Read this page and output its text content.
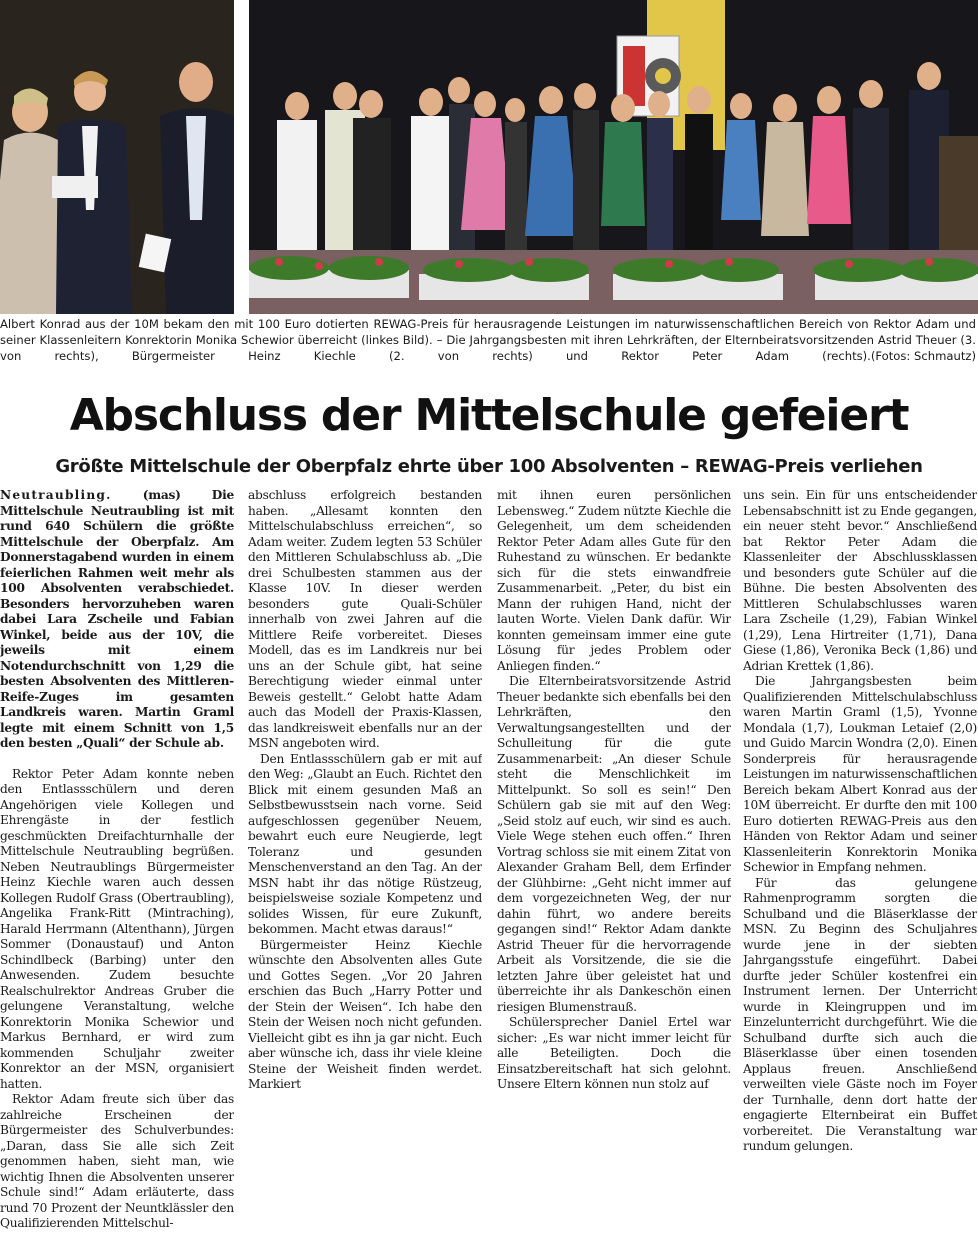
Albert Konrad aus der 10M bekam den mit 100 Euro dotierten REWAG-Preis für herausragende Leistungen im naturwissenschaftlichen Bereich von Rektor Adam und seiner Klassenleitern Konrektorin Monika Schewior überreicht (linkes Bild). – Die Jahrgangsbesten mit ihren Lehrkräften, der Elternbeiratsvorsitzenden Astrid Theuer (3. von rechts), Bürgermeister Heinz Kiechle (2. von rechts) und Rektor Peter Adam (rechts). (Fotos: Schmautz)
Abschluss der Mittelschule gefeiert
Größte Mittelschule der Oberpfalz ehrte über 100 Absolventen – REWAG-Preis verliehen

Neutraubling.	(mas) Die Mittelschule Neutraubling ist mit rund 640 Schülern die größte Mittelschule der Oberpfalz. Am Donnerstagabend wurden in einem feierlichen Rahmen weit mehr als 100 Absolventen verabschiedet. Besonders hervorzuheben waren dabei Lara Zscheile und Fabian Winkel, beide aus der 10V, die jeweils mit einem Notendurchschnitt von 1,29 die besten Absolventen des Mittleren-Reife-Zuges im gesamten Landkreis waren. Martin Graml legte mit einem Schnitt von 1,5 den besten „Quali“ der Schule ab.

Rektor Peter Adam konnte neben den Entlassschülern und deren Angehörigen viele Kollegen und Ehrengäste in der festlich geschmückten Dreifachturnhalle der Mittelschule Neutraubling begrüßen. Neben Neutraublings Bürgermeister Heinz Kiechle waren auch dessen Kollegen Rudolf Grass (Obertraubling), Angelika Frank-Ritt (Mintraching), Harald Herrmann (Altenthann), Jürgen Sommer (Donaustauf) und Anton Schindlbeck (Barbing) unter den Anwesenden. Zudem besuchte Realschulrektor Andreas Gruber die gelungene Veranstaltung, welche Konrektorin Monika Schewior und Markus Bernhard, er wird zum kommenden Schuljahr zweiter Konrektor an der MSN, organisiert hatten.

Rektor Adam freute sich über das zahlreiche Erscheinen der Bürgermeister des Schulverbundes: „Daran, dass Sie alle sich Zeit genommen haben, sieht man, wie wichtig Ihnen die Absolventen unserer Schule sind!“ Adam erläuterte, dass rund 70 Prozent der Neuntklässler den Qualifizierenden Mittelschul-

abschluss erfolgreich bestanden haben. „Allesamt konnten den Mittelschulabschluss erreichen“, so Adam weiter. Zudem legten 53 Schüler den Mittleren Schulabschluss ab. „Die drei Schulbesten stammen aus der Klasse 10V. In dieser werden besonders gute Quali-Schüler innerhalb von zwei Jahren auf die Mittlere Reife vorbereitet. Dieses Modell, das es im Landkreis nur bei uns an der Schule gibt, hat seine Berechtigung wieder einmal unter Beweis gestellt.“ Gelobt hatte Adam auch das Modell der Praxis-Klassen, das landkreisweit ebenfalls nur an der MSN angeboten wird.

Den Entlassschülern gab er mit auf den Weg: „Glaubt an Euch. Richtet den Blick mit einem gesunden Maß an Selbstbewusstsein nach vorne. Seid aufgeschlossen gegenüber Neuem, bewahrt euch eure Neugierde, legt Toleranz und gesunden Menschenverstand an den Tag. An der MSN habt ihr das nötige Rüstzeug, beispielsweise soziale Kompetenz und solides Wissen, für eure Zukunft, bekommen. Macht etwas daraus!“

Bürgermeister Heinz Kiechle wünschte den Absolventen alles Gute und Gottes Segen. „Vor 20 Jahren erschien das Buch „Harry Potter und der Stein der Weisen“. Ich habe den Stein der Weisen noch nicht gefunden. Vielleicht gibt es ihn ja gar nicht. Euch aber wünsche ich, dass ihr viele kleine Steine der Weisheit finden werdet. Markiert

mit ihnen euren persönlichen Lebensweg.“ Zudem nützte Kiechle die Gelegenheit, um dem scheidenden Rektor Peter Adam alles Gute für den Ruhestand zu wünschen. Er bedankte sich für die stets einwandfreie Zusammenarbeit. „Peter, du bist ein Mann der ruhigen Hand, nicht der lauten Worte. Vielen Dank dafür. Wir konnten gemeinsam immer eine gute Lösung für jedes Problem oder Anliegen finden.“

Die Elternbeiratsvorsitzende Astrid Theuer bedankte sich ebenfalls bei den Lehrkräften, den Verwaltungsangestellten und der Schulleitung für die gute Zusammenarbeit: „An dieser Schule steht die Menschlichkeit im Mittelpunkt. So soll es sein!“ Den Schülern gab sie mit auf den Weg: „Seid stolz auf euch, wir sind es auch. Viele Wege stehen euch offen.“ Ihren Vortrag schloss sie mit einem Zitat von Alexander Graham Bell, dem Erfinder der Glühbirne: „Geht nicht immer auf dem vorgezeichneten Weg, der nur dahin führt, wo andere bereits gegangen sind!“ Rektor Adam dankte Astrid Theuer für die hervorragende Arbeit als Vorsitzende, die sie die letzten Jahre über geleistet hat und überreichte ihr als Dankeschön einen riesigen Blumenstrauß.

Schülersprecher Daniel Ertel war sicher: „Es war nicht immer leicht für alle Beteiligten. Doch die Einsatzbereitschaft hat sich gelohnt. Unsere Eltern können nun stolz auf

uns sein. Ein für uns entscheidender Lebensabschnitt ist zu Ende gegangen, ein neuer steht bevor.“ Anschließend bat Rektor Peter Adam die Klassenleiter der Abschlussklassen und besonders gute Schüler auf die Bühne. Die besten Absolventen des Mittleren Schulabschlusses waren Lara Zscheile (1,29), Fabian Winkel (1,29), Lena Hirtreiter (1,71), Dana Giese (1,86), Veronika Beck (1,86) und Adrian Krettek (1,86).

Die Jahrgangsbesten beim Qualifizierenden Mittelschulabschluss waren Martin Graml (1,5), Yvonne Mondala (1,7), Loukman Letaief (2,0) und Guido Marcin Wondra (2,0). Einen Sonderpreis für herausragende Leistungen im naturwissenschaftlichen Bereich bekam Albert Konrad aus der 10M überreicht. Er durfte den mit 100 Euro dotierten REWAG-Preis aus den Händen von Rektor Adam und seiner Klassenleiterin Konrektorin Monika Schewior in Empfang nehmen.

Für das gelungene Rahmenprogramm sorgten die Schulband und die Bläserklasse der MSN. Zu Beginn des Schuljahres wurde jene in der siebten Jahrgangsstufe eingeführt. Dabei durfte jeder Schüler kostenfrei ein Instrument lernen. Der Unterricht wurde in Kleingruppen und im Einzelunterricht durchgeführt. Wie die Schulband durfte sich auch die Bläserklasse über einen tosenden Applaus freuen. Anschließend verweilten viele Gäste noch im Foyer der Turnhalle, denn dort hatte der engagierte Elternbeirat ein Buffet vorbereitet. Die Veranstaltung war rundum gelungen.
